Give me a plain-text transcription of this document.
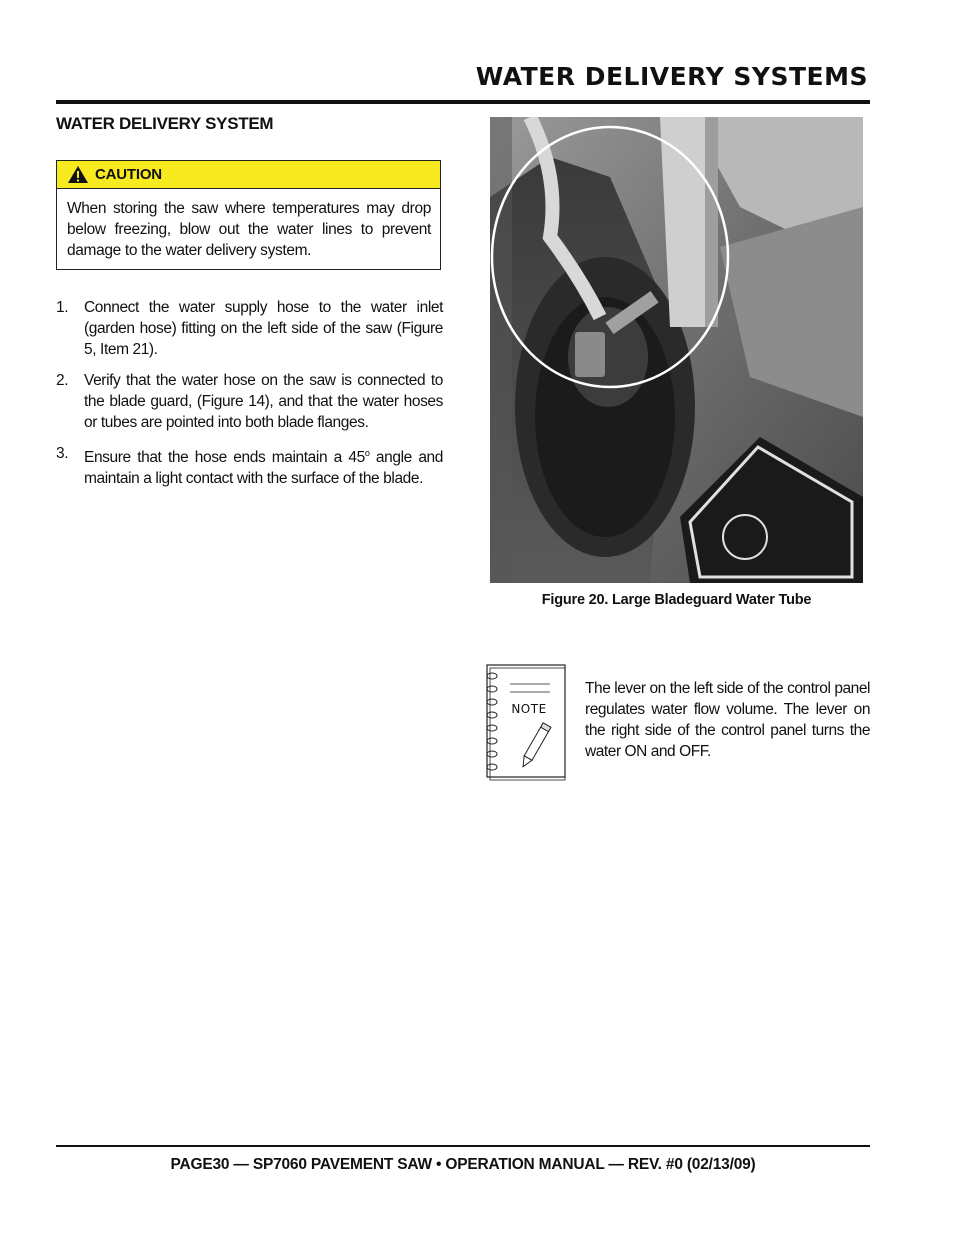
WATER DELIVERY SYSTEMS
WATER DELIVERY SYSTEM
CAUTION
When storing the saw where temperatures may drop below freezing, blow out the water lines to prevent damage to the water delivery system.
1.	Connect the water supply hose to the water inlet (garden hose) fitting on the left side of the saw (Figure 5, Item 21).
2.	Verify that the water hose on the saw is connected to the blade guard, (Figure 14), and that the water hoses or tubes are pointed into both blade flanges.
3.	Ensure that the hose ends maintain a 45$^o$ angle and maintain a light contact with the surface of the blade.
Figure 20. Large Bladeguard Water Tube
NOTE
The lever on the left side of the control panel regulates water flow volume. The lever on the right side of the control panel turns the water ON and OFF.
PAGE30 — SP7060 PAVEMENT SAW • OPERATION MANUAL — REV. #0 (02/13/09)
